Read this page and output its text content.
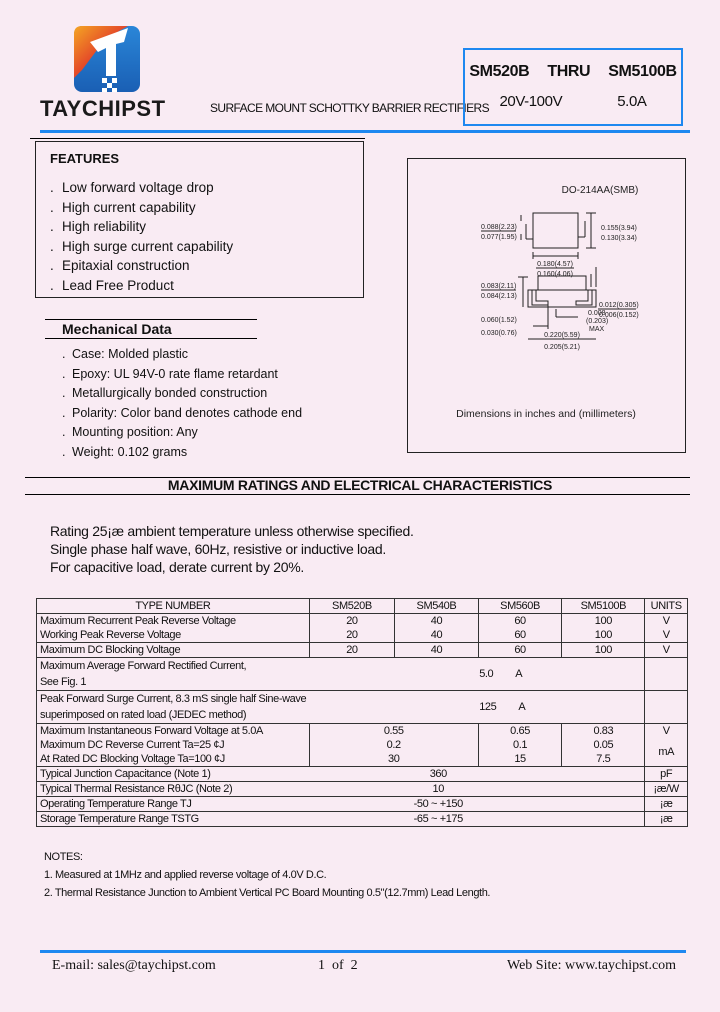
TAYCHIPST	SURFACE MOUNT SCHOTTKY BARRIER RECTIFIERS
SM520B  THRU  SM5100B
20V-100V    5.0A
FEATURES
. Low forward voltage drop
. High current capability
. High reliability
. High surge current capability
. Epitaxial construction
. Lead Free Product
Mechanical Data
. Case: Molded plastic
. Epoxy: UL 94V-0 rate flame retardant
. Metallurgically bonded construction
. Polarity: Color band denotes cathode end
. Mounting position: Any
. Weight: 0.102 grams
DO-214AA(SMB)
0.088(2.23)
0.077(1.95)
0.155(3.94)
0.130(3.34)
0.180(4.57)
0.160(4.06)
0.012(0.305)
0.006(0.152)
0.083(2.11)
0.084(2.13)
0.060(1.52)
0.030(0.76)
0.008
(0.203)
MAX
0.220(5.59)
0.205(5.21)
Dimensions in inches and (millimeters)
MAXIMUM RATINGS AND ELECTRICAL CHARACTERISTICS
Rating 25¡æ ambient temperature unless otherwise specified.
Single phase half wave, 60Hz, resistive or inductive load.
For capacitive load, derate current by 20%.
TYPE NUMBER	SM520B	SM540B	SM560B	SM5100B	UNITS
Maximum Recurrent Peak Reverse Voltage	20	40	60	100	V
Working Peak Reverse Voltage	20	40	60	100	V
Maximum DC Blocking Voltage	20	40	60	100	V
Maximum Average Forward Rectified Current,
See Fig. 1	5.0 A				
Peak Forward Surge Current, 8.3 mS single half Sine-wave
superimposed on rated load (JEDEC method)	125 A				
Maximum Instantaneous Forward Voltage at 5.0A	0.55		0.65	0.83	V
Maximum DC Reverse Current Ta=25 ¢J	0.2		0.1	0.05	mA
At Rated DC Blocking Voltage Ta=100 ¢J	30		15	7.5	
Typical Junction Capacitance (Note 1)	360				pF
Typical Thermal Resistance RθJC (Note 2)	10				¡æ/W
Operating Temperature Range TJ	-50 ~ +150				¡æ
Storage Temperature Range TSTG	-65 ~ +175				¡æ
NOTES:
1. Measured at 1MHz and applied reverse voltage of 4.0V D.C.
2. Thermal Resistance Junction to Ambient Vertical PC Board Mounting 0.5"(12.7mm) Lead Length.
E-mail: sales@taychipst.com	1  of  2	Web Site: www.taychipst.com
